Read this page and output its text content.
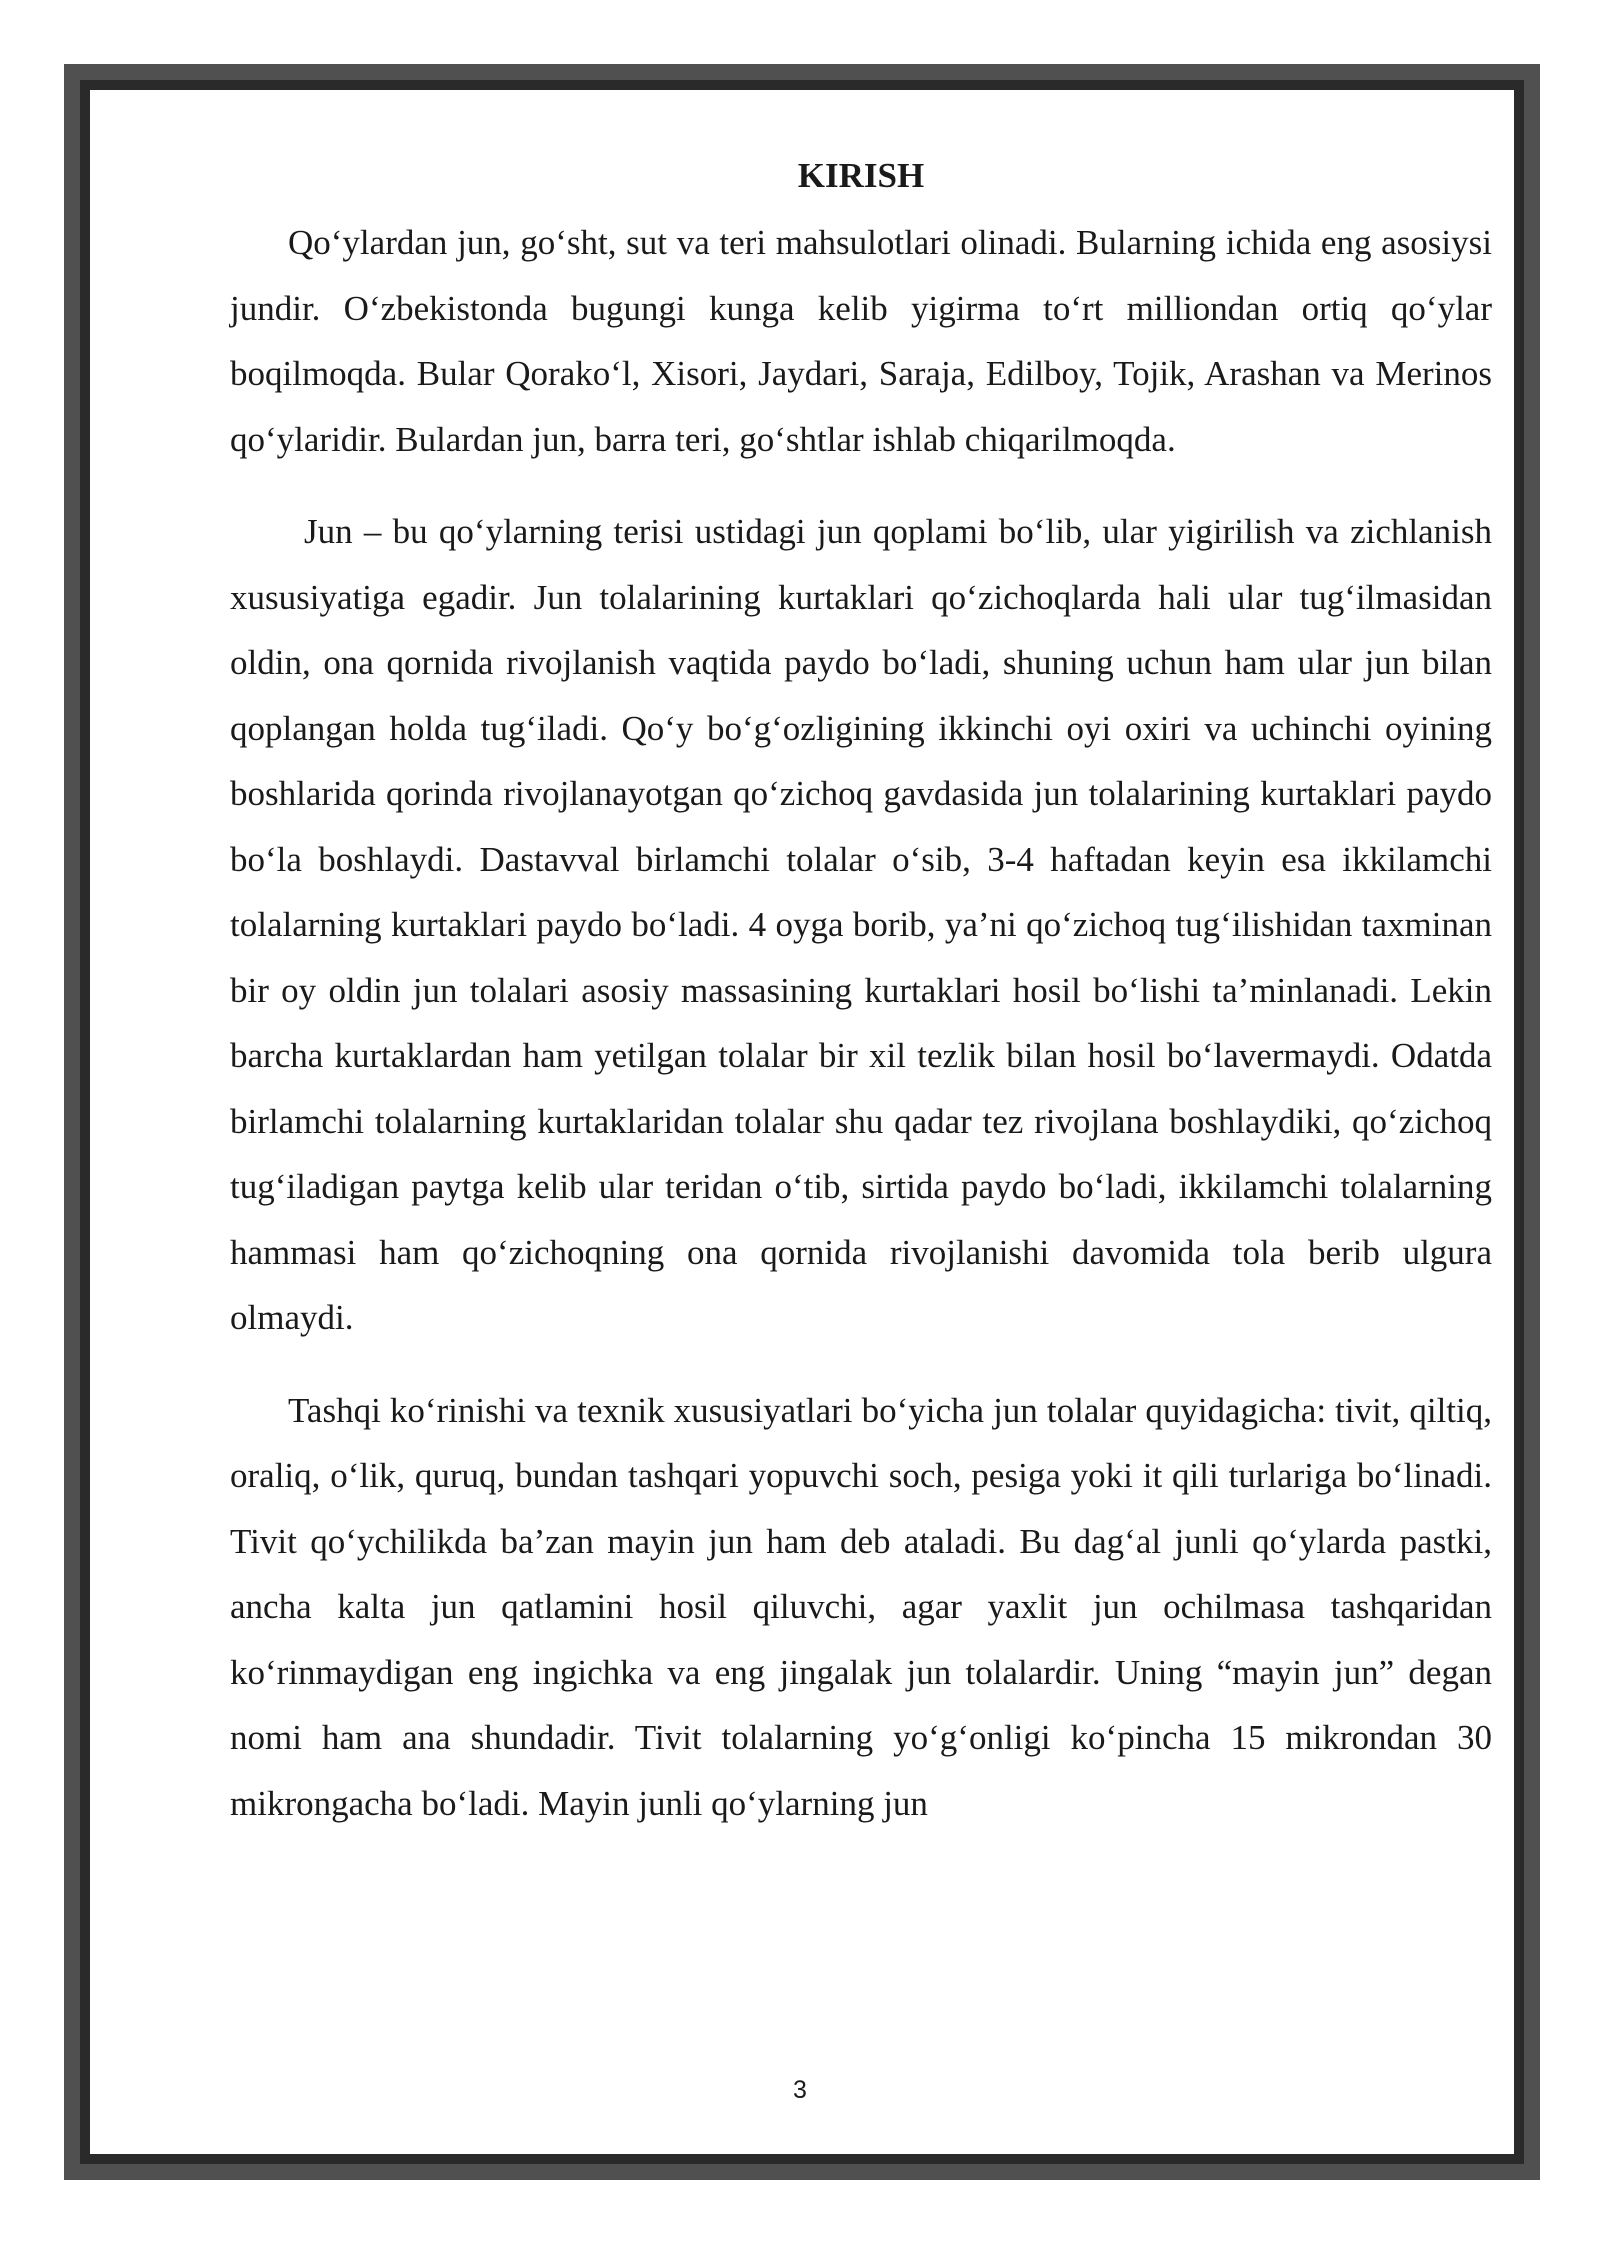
KIRISH

Qo‘ylardan jun, go‘sht, sut va teri mahsulotlari olinadi. Bularning ichida eng asosiysi jundir. O‘zbekistonda bugungi kunga kelib yigirma to‘rt milliondan ortiq qo‘ylar boqilmoqda. Bular Qorako‘l, Xisori, Jaydari, Saraja, Edilboy, Tojik, Arashan va Merinos qo‘ylaridir. Bulardan jun, barra teri, go‘shtlar ishlab chiqarilmoqda.

Jun – bu qo‘ylarning terisi ustidagi jun qoplami bo‘lib, ular yigirilish va zichlanish xususiyatiga egadir. Jun tolalarining kurtaklari qo‘zichoqlarda hali ular tug‘ilmasidan oldin, ona qornida rivojlanish vaqtida paydo bo‘ladi, shuning uchun ham ular jun bilan qoplangan holda tug‘iladi. Qo‘y bo‘g‘ozligining ikkinchi oyi oxiri va uchinchi oyining boshlarida qorinda rivojlanayotgan qo‘zichoq gavdasida jun tolalarining kurtaklari paydo bo‘la boshlaydi. Dastavval birlamchi tolalar o‘sib, 3-4 haftadan keyin esa ikkilamchi tolalarning kurtaklari paydo bo‘ladi. 4 oyga borib, ya’ni qo‘zichoq tug‘ilishidan taxminan bir oy oldin jun tolalari asosiy massasining kurtaklari hosil bo‘lishi ta’minlanadi. Lekin barcha kurtaklardan ham yetilgan tolalar bir xil tezlik bilan hosil bo‘lavermaydi. Odatda birlamchi tolalarning kurtaklaridan tolalar shu qadar tez rivojlana boshlaydiki, qo‘zichoq tug‘iladigan paytga kelib ular teridan o‘tib, sirtida paydo bo‘ladi, ikkilamchi tolalarning hammasi ham qo‘zichoqning ona qornida rivojlanishi davomida tola berib ulgura olmaydi.

Tashqi ko‘rinishi va texnik xususiyatlari bo‘yicha jun tolalar quyidagicha: tivit, qiltiq, oraliq, o‘lik, quruq, bundan tashqari yopuvchi soch, pesiga yoki it qili turlariga bo‘linadi. Tivit qo‘ychilikda ba’zan mayin jun ham deb ataladi. Bu dag‘al junli qo‘ylarda pastki, ancha kalta jun qatlamini hosil qiluvchi, agar yaxlit jun ochilmasa tashqaridan ko‘rinmaydigan eng ingichka va eng jingalak jun tolalardir. Uning “mayin jun” degan nomi ham ana shundadir. Tivit tolalarning yo‘g‘onligi ko‘pincha 15 mikrondan 30 mikrongacha bo‘ladi. Mayin junli qo‘ylarning jun

3
